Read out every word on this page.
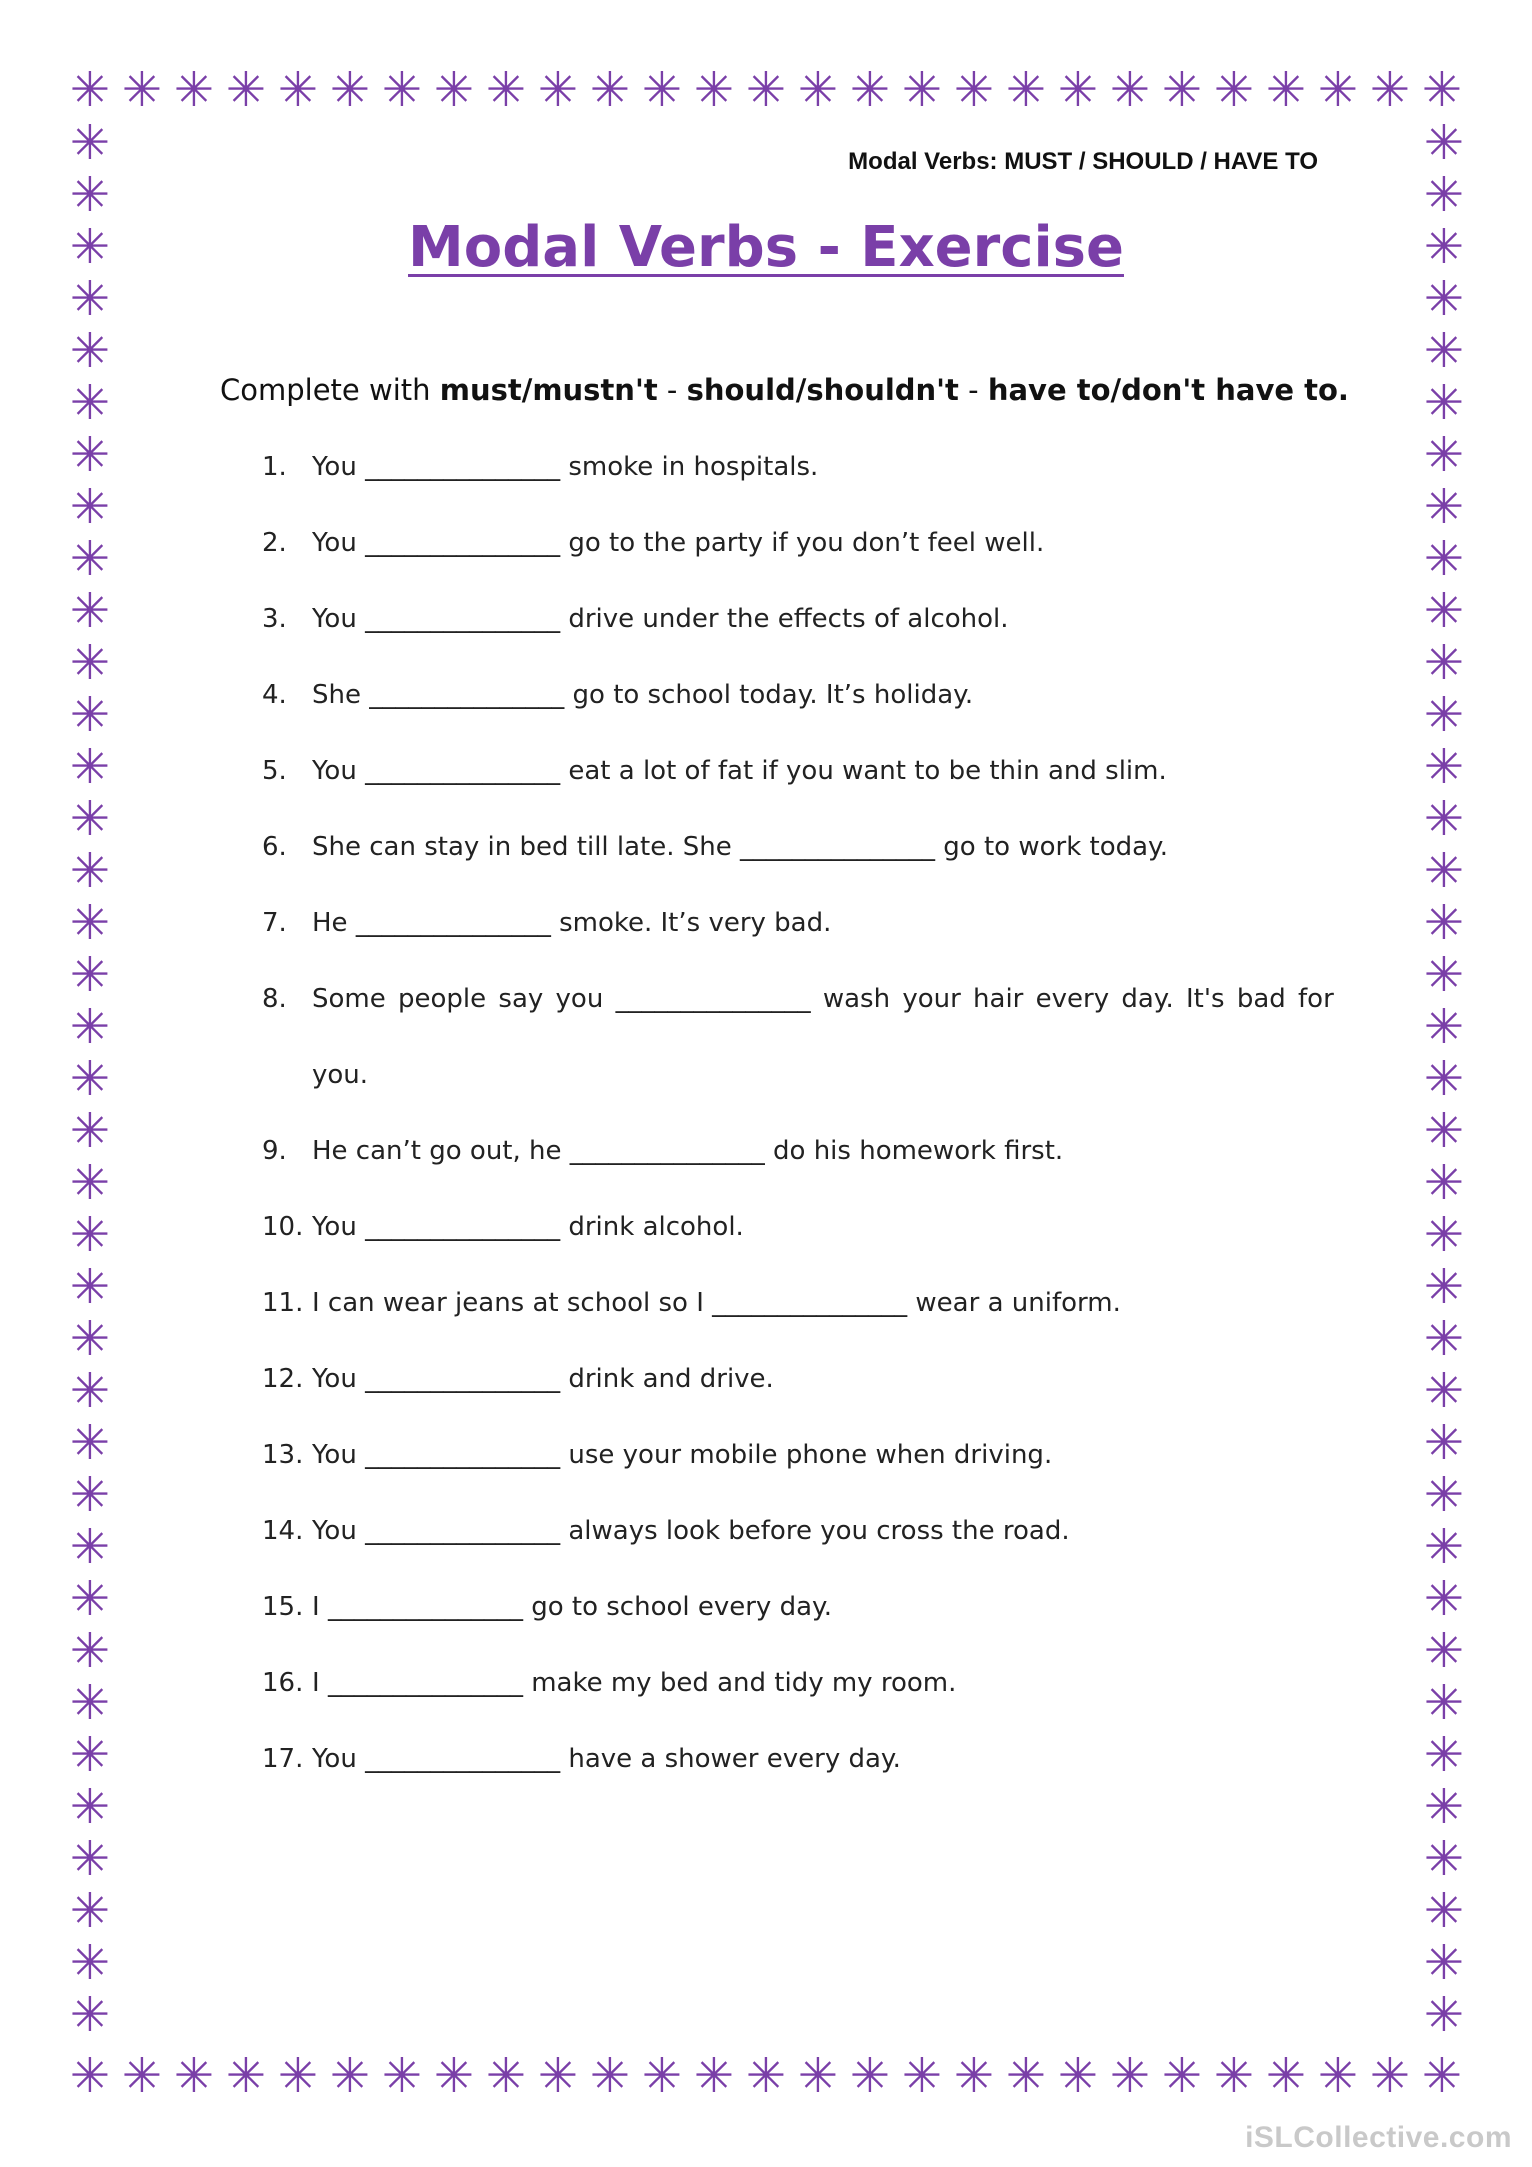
✳ ✳ ✳ ✳ ✳ ✳ ✳ ✳ ✳ ✳ ✳ ✳ ✳ ✳ ✳ ✳ ✳ ✳ ✳ ✳ ✳ ✳ ✳ ✳ ✳ ✳ ✳
✳
✳
✳
✳
✳
✳
✳
✳
✳
✳
✳
✳
✳
✳
✳
✳
✳
✳
✳
✳
✳
✳
✳
✳
✳
✳
✳
✳
✳
✳
✳
✳
✳
✳
✳
✳
✳
✳
✳
✳
✳
✳
✳
✳
✳
✳
✳
✳
✳
✳
✳
✳
✳
✳
✳
✳
✳
✳
✳
✳
✳
✳
✳
✳
✳
✳
✳
✳
✳
✳
✳
✳
✳
✳
✳ ✳ ✳ ✳ ✳ ✳ ✳ ✳ ✳ ✳ ✳ ✳ ✳ ✳ ✳ ✳ ✳ ✳ ✳ ✳ ✳ ✳ ✳ ✳ ✳ ✳ ✳
Modal Verbs: MUST / SHOULD / HAVE TO
Modal Verbs - Exercise
Complete with must/mustn't - should/shouldn't - have to/don't have to.
1. You _______________ smoke in hospitals.
2. You _______________ go to the party if you don’t feel well.
3. You _______________ drive under the effects of alcohol.
4. She _______________ go to school today. It’s holiday.
5. You _______________ eat a lot of fat if you want to be thin and slim.
6. She can stay in bed till late. She _______________ go to work today.
7. He _______________ smoke. It’s very bad.
8. Some people say you _______________ wash your hair every day. It's bad for
you.
9. He can’t go out, he _______________ do his homework first.
10. You _______________ drink alcohol.
11. I can wear jeans at school so I _______________ wear a uniform.
12. You _______________ drink and drive.
13. You _______________ use your mobile phone when driving.
14. You _______________ always look before you cross the road.
15. I _______________ go to school every day.
16. I _______________ make my bed and tidy my room.
17. You _______________ have a shower every day.
iSLCollective.com
